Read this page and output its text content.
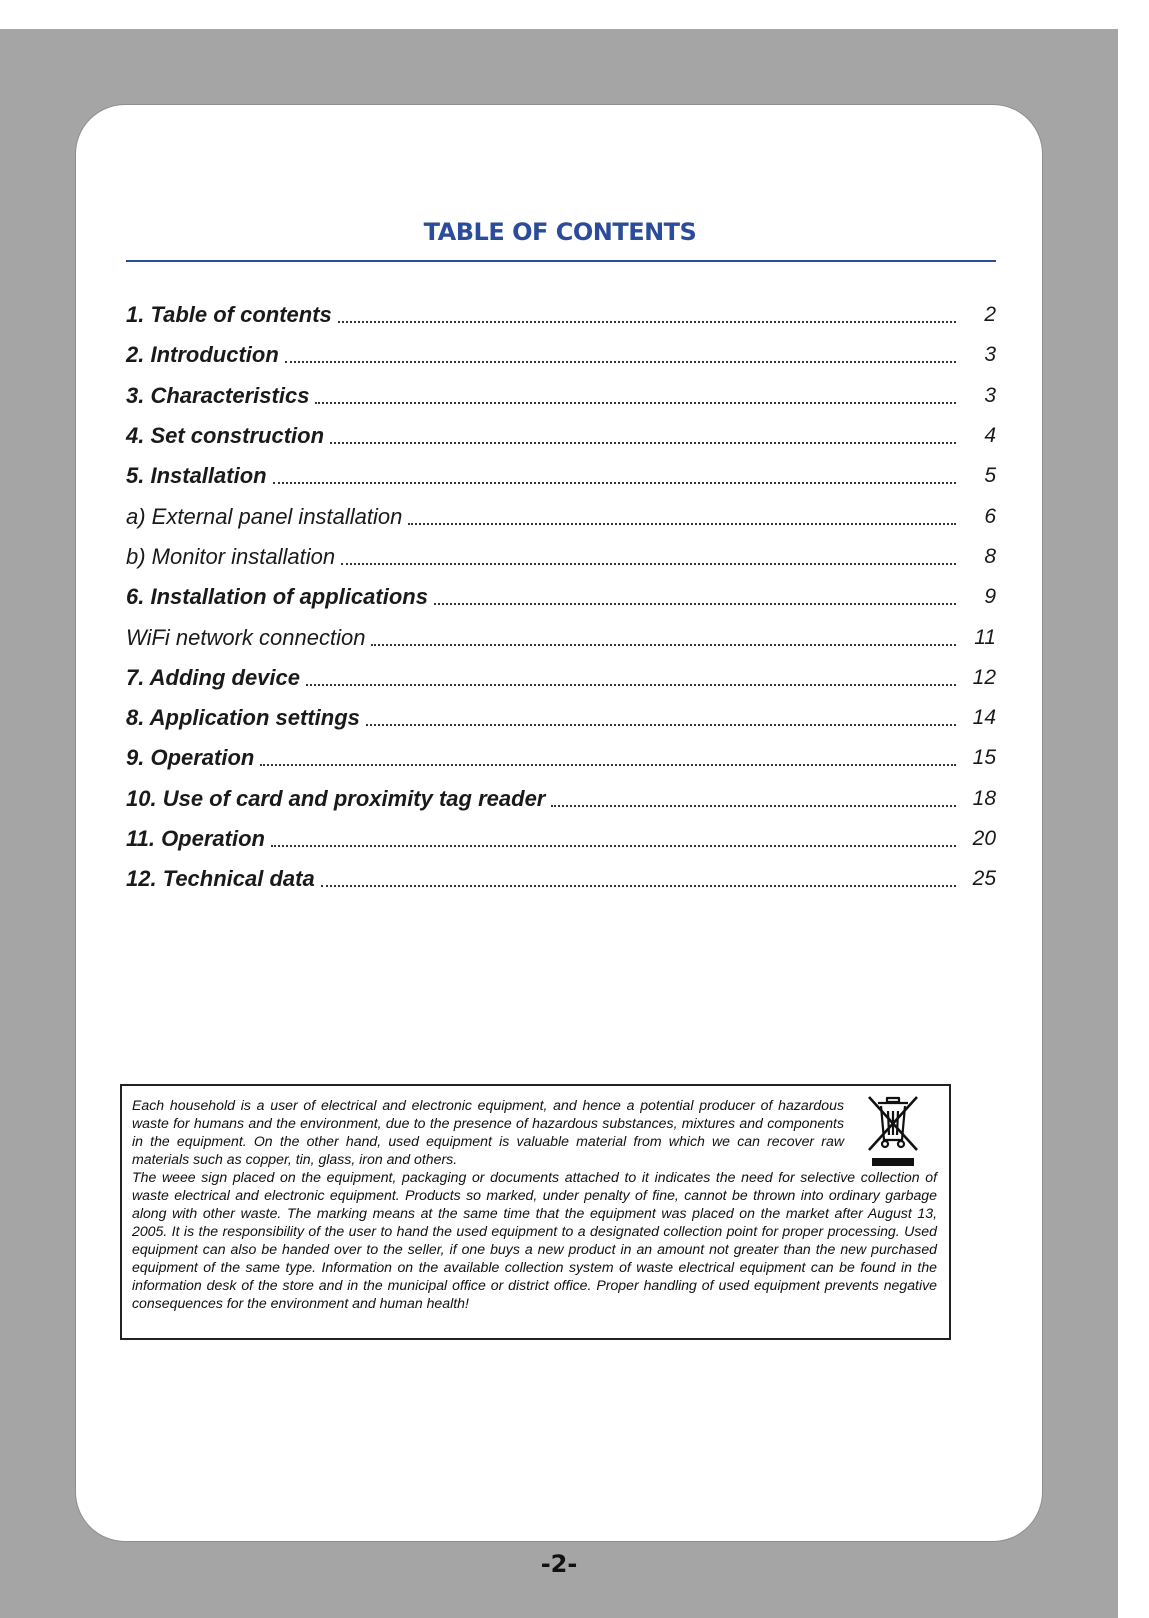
TABLE OF CONTENTS
1. Table of contents	2
2. Introduction	3
3. Characteristics	3
4. Set construction	4
5. Installation	5
a) External panel installation	6
b) Monitor installation	8
6. Installation of applications	9
WiFi network connection	11
7. Adding device	12
8. Application settings	14
9. Operation	15
10. Use of card and proximity tag reader	18
11. Operation	20
12. Technical data	25

Each household is a user of electrical and electronic equipment, and hence a potential producer of hazardous waste for humans and the environment, due to the presence of hazardous substances, mixtures and components in the equipment. On the other hand, used equipment is valuable material from which we can recover raw materials such as copper, tin, glass, iron and others.

The weee sign placed on the equipment, packaging or documents attached to it indicates the need for selective collection of waste electrical and electronic equipment. Products so marked, under penalty of fine, cannot be thrown into ordinary garbage along with other waste. The marking means at the same time that the equipment was placed on the market after August 13, 2005. It is the responsibility of the user to hand the used equipment to a designated collection point for proper processing. Used equipment can also be handed over to the seller, if one buys a new product in an amount not greater than the new purchased equipment of the same type. Information on the available collection system of waste electrical equipment can be found in the information desk of the store and in the municipal office or district office. Proper handling of used equipment prevents negative consequences for the environment and human health!

-2-
